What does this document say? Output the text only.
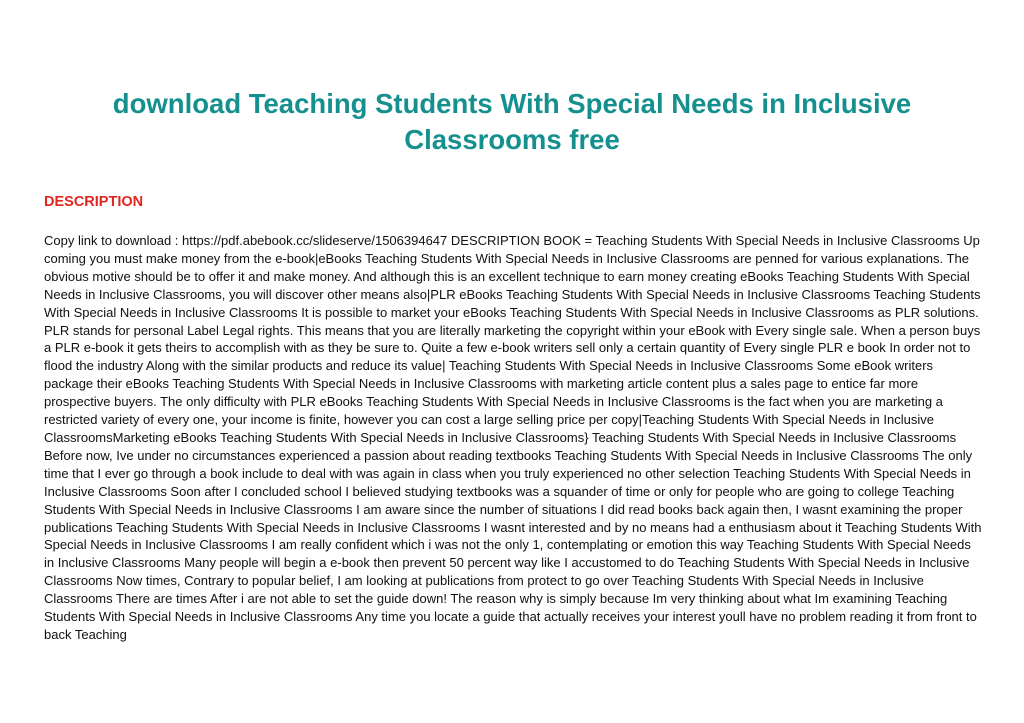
download Teaching Students With Special Needs in Inclusive Classrooms free
DESCRIPTION

Copy link to download : https://pdf.abebook.cc/slideserve/1506394647 DESCRIPTION BOOK = Teaching Students With Special Needs in Inclusive Classrooms Up coming you must make money from the e-book|eBooks Teaching Students With Special Needs in Inclusive Classrooms are penned for various explanations. The obvious motive should be to offer it and make money. And although this is an excellent technique to earn money creating eBooks Teaching Students With Special Needs in Inclusive Classrooms, you will discover other means also|PLR eBooks Teaching Students With Special Needs in Inclusive Classrooms Teaching Students With Special Needs in Inclusive Classrooms It is possible to market your eBooks Teaching Students With Special Needs in Inclusive Classrooms as PLR solutions. PLR stands for personal Label Legal rights. This means that you are literally marketing the copyright within your eBook with Every single sale. When a person buys a PLR e-book it gets theirs to accomplish with as they be sure to. Quite a few e-book writers sell only a certain quantity of Every single PLR e book In order not to flood the industry Along with the similar products and reduce its value| Teaching Students With Special Needs in Inclusive Classrooms Some eBook writers package their eBooks Teaching Students With Special Needs in Inclusive Classrooms with marketing article content plus a sales page to entice far more prospective buyers. The only difficulty with PLR eBooks Teaching Students With Special Needs in Inclusive Classrooms is the fact when you are marketing a restricted variety of every one, your income is finite, however you can cost a large selling price per copy|Teaching Students With Special Needs in Inclusive ClassroomsMarketing eBooks Teaching Students With Special Needs in Inclusive Classrooms} Teaching Students With Special Needs in Inclusive Classrooms Before now, Ive under no circumstances experienced a passion about reading textbooks Teaching Students With Special Needs in Inclusive Classrooms The only time that I ever go through a book include to deal with was again in class when you truly experienced no other selection Teaching Students With Special Needs in Inclusive Classrooms Soon after I concluded school I believed studying textbooks was a squander of time or only for people who are going to college Teaching Students With Special Needs in Inclusive Classrooms I am aware since the number of situations I did read books back again then, I wasnt examining the proper publications Teaching Students With Special Needs in Inclusive Classrooms I wasnt interested and by no means had a enthusiasm about it Teaching Students With Special Needs in Inclusive Classrooms I am really confident which i was not the only 1, contemplating or emotion this way Teaching Students With Special Needs in Inclusive Classrooms Many people will begin a e-book then prevent 50 percent way like I accustomed to do Teaching Students With Special Needs in Inclusive Classrooms Now times, Contrary to popular belief, I am looking at publications from protect to go over Teaching Students With Special Needs in Inclusive Classrooms There are times After i are not able to set the guide down! The reason why is simply because Im very thinking about what Im examining Teaching Students With Special Needs in Inclusive Classrooms Any time you locate a guide that actually receives your interest youll have no problem reading it from front to back Teaching
